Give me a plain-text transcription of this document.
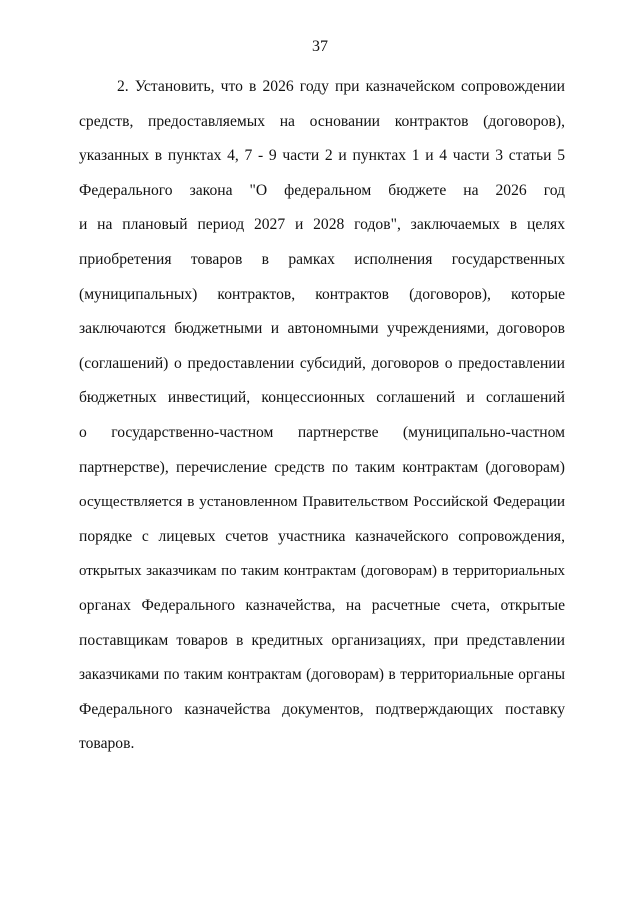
37
2. Установить, что в 2026 году при казначейском сопровождении
средств, предоставляемых на основании контрактов (договоров),
указанных в пунктах 4, 7 - 9 части 2 и пунктах 1 и 4 части 3 статьи 5
Федерального закона "О федеральном бюджете на 2026 год
и на плановый период 2027 и 2028 годов", заключаемых в целях
приобретения товаров в рамках исполнения государственных
(муниципальных) контрактов, контрактов (договоров), которые
заключаются бюджетными и автономными учреждениями, договоров
(соглашений) о предоставлении субсидий, договоров о предоставлении
бюджетных инвестиций, концессионных соглашений и соглашений
о государственно-частном партнерстве (муниципально-частном
партнерстве), перечисление средств по таким контрактам (договорам)
осуществляется в установленном Правительством Российской Федерации
порядке с лицевых счетов участника казначейского сопровождения,
открытых заказчикам по таким контрактам (договорам) в территориальных
органах Федерального казначейства, на расчетные счета, открытые
поставщикам товаров в кредитных организациях, при представлении
заказчиками по таким контрактам (договорам) в территориальные органы
Федерального казначейства документов, подтверждающих поставку
товаров.
